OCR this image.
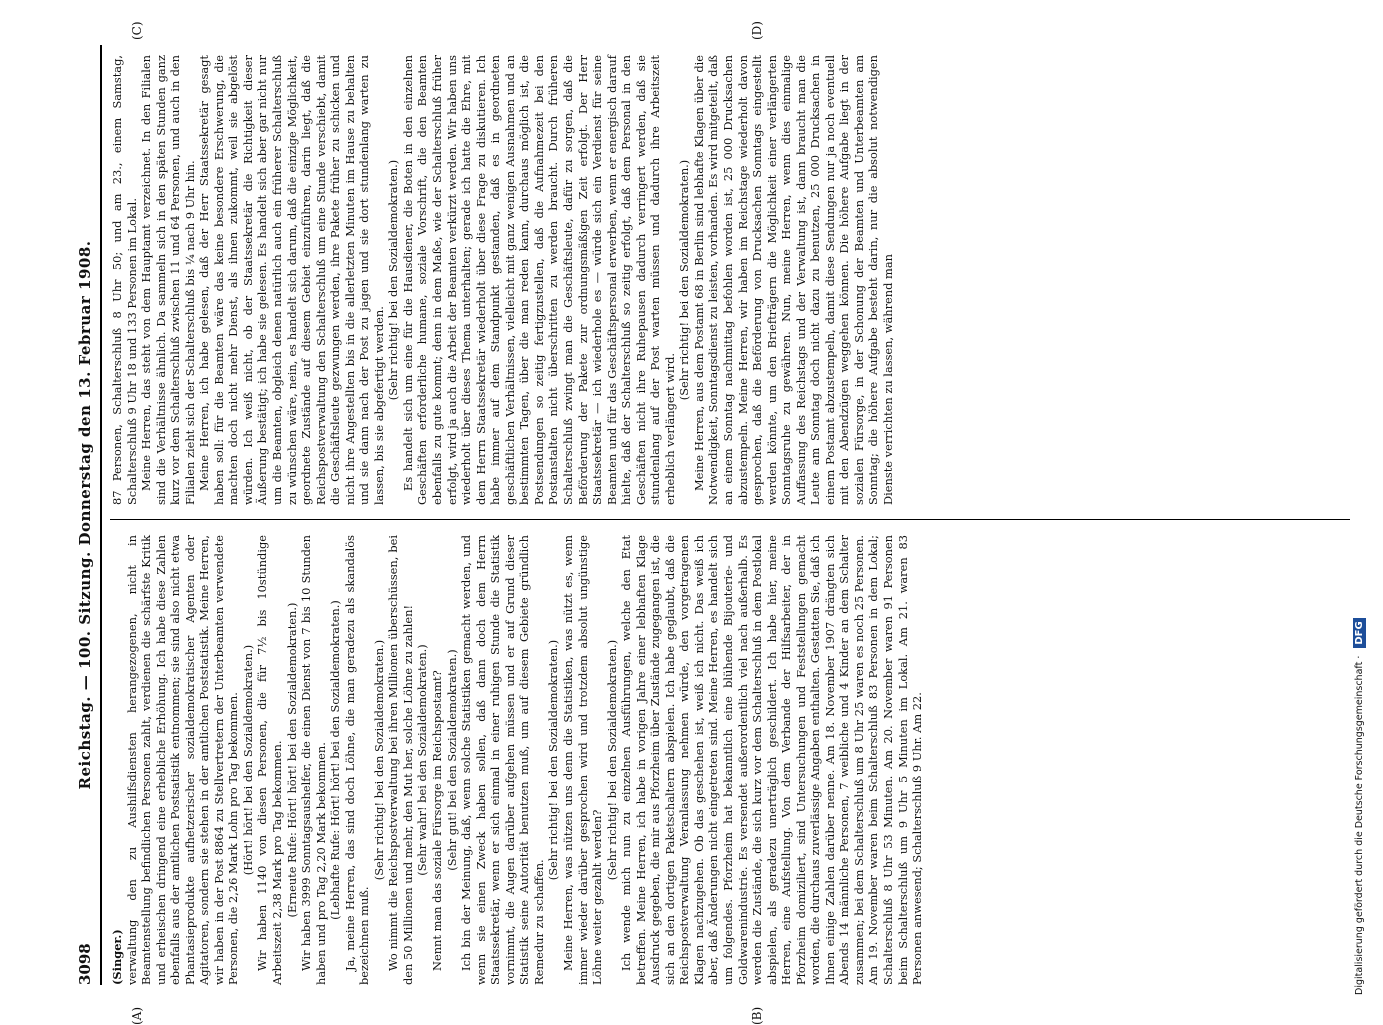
3098
Reichstag. — 100. Sitzung. Donnerstag den 13. Februar 1908.
(A)	(B)
(C)	(D)

(Singer.) verwaltung den zu Aushilfsdiensten herangezogenen, nicht in Beamtenstellung befindlichen Personen zahlt, verdienen die schärfste Kritik und erheischen dringend eine erhebliche Erhöhung. Ich habe diese Zahlen ebenfalls aus der amtlichen Postsatistik entnommen; sie sind also nicht etwa Phantasieprodukte aufhetzerischer sozialdemokratischer Agenten oder Agitatoren, sondern sie stehen in der amtlichen Poststatistik. Meine Herren, wir haben in der Post 8864 zu Stellvertretern der Unterbeamten verwendete Personen, die 2,26 Mark Lohn pro Tag bekommen. (Hört! hört! bei den Sozialdemokraten.) Wir haben 1140 von diesen Personen, die für 7½ bis 10stündige Arbeitszeit 2,38 Mark pro Tag bekommen. (Erneute Rufe: Hört! hört! bei den Sozialdemokraten.) Wir haben 3999 Sonntagsaushelfer, die einen Dienst von 7 bis 10 Stunden haben und pro Tag 2,20 Mark bekommen. (Lebhafte Rufe: Hört! hört! bei den Sozialdemokraten.) Ja, meine Herren, das sind doch Löhne, die man geradezu als skandalös bezeichnen muß.

(Sehr richtig! bei den Sozialdemokraten.) Wo nimmt die Reichspostverwaltung bei ihren Millionen überschüssen, bei den 50 Millionen und mehr, den Mut her, solche Löhne zu zahlen! (Sehr wahr! bei den Sozialdemokraten.) Nennt man das soziale Fürsorge im Reichspostamt? (Sehr gut! bei den Sozialdemokraten.) Ich bin der Meinung, daß, wenn solche Statistiken gemacht werden, und wenn sie einen Zweck haben sollen, daß dann doch dem Herrn Staatssekretär, wenn er sich einmal in einer ruhigen Stunde die Statistik vornimmt, die Augen darüber aufgehen müssen und er auf Grund dieser Statistik seine Autorität benutzen muß, um auf diesem Gebiete gründlich Remedur zu schaffen.

(Sehr richtig! bei den Sozialdemokraten.) Meine Herren, was nützen uns denn die Statistiken, was nützt es, wenn immer wieder darüber gesprochen wird und trotzdem absolut ungünstige Löhne weiter gezahlt werden?

(Sehr richtig! bei den Sozialdemokraten.) Ich wende mich nun zu einzelnen Ausführungen, welche den Etat betreffen. Meine Herren, ich habe in vorigen Jahre einer lebhaften Klage Ausdruck gegeben, die mir aus Pforzheim über Zustände zugegangen ist, die sich an den dortigen Paketschaltern abspielen. Ich habe geglaubt, daß die Reichspostverwaltung Veranlassung nehmen würde, den vorgetragenen Klagen nachzugehen. Ob das geschehen ist, weiß ich nicht. Das weiß ich aber, daß Änderungen nicht eingetreten sind. Meine Herren, es handelt sich um folgendes. Pforzheim hat bekanntlich eine blühende Bijouterie- und Goldwarenindustrie. Es versendet außerordentlich viel nach außerhalb. Es werden die Zustände, die sich kurz vor dem Schalterschluß in dem Postlokal abspielen, als geradezu unerträglich geschildert. Ich habe hier, meine Herren, eine Aufstellung. Von dem Verbande der Hilfsarbeiter, der in Pforzheim domiziliert, sind Untersuchungen und Feststellungen gemacht worden, die durchaus zuverlässige Angaben enthalten. Gestatten Sie, daß ich Ihnen einige Zahlen darüber nenne. Am 18. November 1907 drängten sich Abends 14 männliche Personen, 7 weibliche und 4 Kinder an dem Schalter zusammen; bei dem Schalterschluß um 8 Uhr 25 waren es noch 25 Personen. Am 19. November waren beim Schalterschluß 83 Personen in dem Lokal; Schalterschluß 8 Uhr 53 Minuten. Am 20. November waren 91 Personen beim Schalterschluß um 9 Uhr 5 Minuten im Lokal. Am 21. waren 83 Personen anwesend; Schalterschluß 9 Uhr. Am 22.

87 Personen, Schalterschluß 8 Uhr 50; und am 23., einem Samstag, Schalterschluß 9 Uhr 18 und 133 Personen im Lokal. Meine Herren, das steht von dem Hauptamt verzeichnet. In den Filialen sind die Verhältnisse ähnlich. Da sammeln sich in den späten Stunden ganz kurz vor dem Schalterschluß zwischen 11 und 64 Personen, und auch in den Filialen zieht sich der Schalterschluß bis ¼ nach 9 Uhr hin. Meine Herren, ich habe gelesen, daß der Herr Staatssekretär gesagt haben soll: für die Beamten wäre das keine besondere Erschwerung, die machten doch nicht mehr Dienst, als ihnen zukommt, weil sie abgelöst würden. Ich weiß nicht, ob der Staatssekretär die Richtigkeit dieser Äußerung bestätigt; ich habe sie gelesen. Es handelt sich aber gar nicht nur um die Beamten, obgleich denen natürlich auch ein früherer Schalterschluß zu wünschen wäre, nein, es handelt sich darum, daß die einzige Möglichkeit, geordnete Zustände auf diesem Gebiet einzuführen, darin liegt, daß die Reichspostverwaltung den Schalterschluß um eine Stunde verschiebt, damit die Geschäftsleute gezwungen werden, ihre Pakete früher zu schicken und nicht ihre Angestellten bis in die allerletzten Minuten im Hause zu behalten und sie dann nach der Post zu jagen und sie dort stundenlang warten zu lassen, bis sie abgefertigt werden.

(Sehr richtig! bei den Sozialdemokraten.) Es handelt sich um eine für die Hausdiener, die Boten in den einzelnen Geschäften erforderliche humane, soziale Vorschrift, die den Beamten ebenfalls zu gute kommt; denn in dem Maße, wie der Schalterschluß früher erfolgt, wird ja auch die Arbeit der Beamten verkürzt werden. Wir haben uns wiederholt über dieses Thema unterhalten; gerade ich hatte die Ehre, mit dem Herrn Staatssekretär wiederholt über diese Frage zu diskutieren. Ich habe immer auf dem Standpunkt gestanden, daß es in geordneten geschäftlichen Verhältnissen, vielleicht mit ganz wenigen Ausnahmen und an bestimmten Tagen, über die man reden kann, durchaus möglich ist, die Postsendungen so zeitig fertigzustellen, daß die Aufnahmezeit bei den Postanstalten nicht überschritten zu werden braucht. Durch früheren Schalterschluß zwingt man die Geschäftsleute, dafür zu sorgen, daß die Beförderung der Pakete zur ordnungsmäßigen Zeit erfolgt. Der Herr Staatssekretär — ich wiederhole es — würde sich ein Verdienst für seine Beamten und für das Geschäftspersonal erwerben, wenn er energisch darauf hielte, daß der Schalterschluß so zeitig erfolgt, daß dem Personal in den Geschäften nicht ihre Ruhepausen dadurch verringert werden, daß sie stundenlang auf der Post warten müssen und dadurch ihre Arbeitszeit erheblich verlängert wird.

(Sehr richtig! bei den Sozialdemokraten.) Meine Herren, aus dem Postamt 68 in Berlin sind lebhafte Klagen über die Notwendigkeit, Sonntagsdienst zu leisten, vorhanden. Es wird mitgeteilt, daß an einem Sonntag nachmittag befohlen worden ist, 25 000 Drucksachen abzustempeln. Meine Herren, wir haben im Reichstage wiederholt davon gesprochen, daß die Beförderung von Drucksachen Sonntags eingestellt werden könnte, um den Briefträgern die Möglichkeit einer verlängerten Sonntagsruhe zu gewähren. Nun, meine Herren, wenn dies einmalige Auffassung des Reichstags und der Verwaltung ist, dann braucht man die Leute am Sonntag doch nicht dazu zu benutzen, 25 000 Drucksachen in einem Postamt abzustempeln, damit diese Sendungen nur ja noch eventuell mit den Abendzügen weggehen können. Die höhere Aufgabe liegt in der sozialen Fürsorge, in der Schonung der Beamten und Unterbeamten am Sonntag; die höhere Aufgabe besteht darin, nur die absolut notwendigen Dienste verrichten zu lassen, während man

Digitalisierung gefördert durch die Deutsche Forschungsgemeinschaft ·
DFG
